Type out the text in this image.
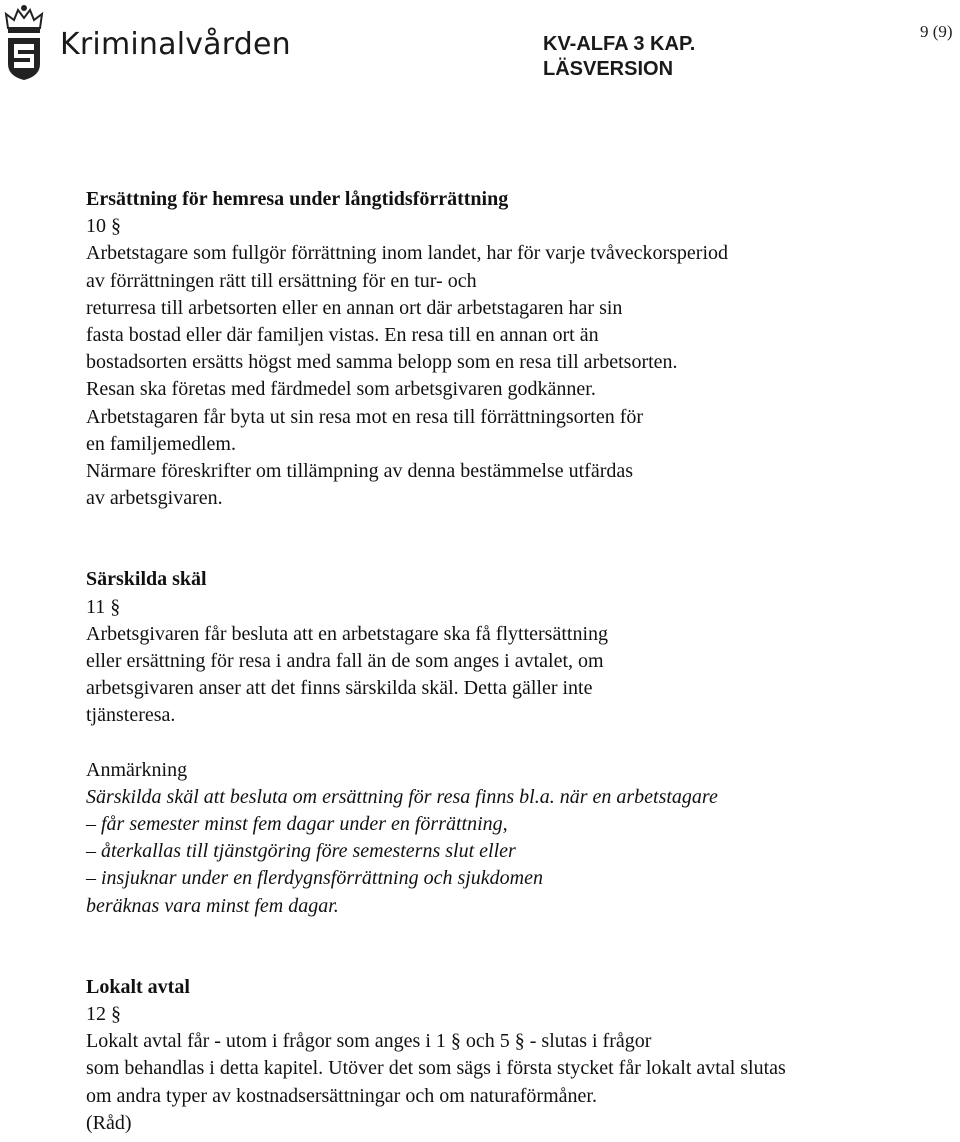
Kriminalvården	KV-ALFA 3 KAP.
LÄSVERSION
9 (9)

Ersättning för hemresa under långtidsförrättning

10 §

Arbetstagare som fullgör förrättning inom landet, har för varje tvåveckorsperiod

av förrättningen rätt till ersättning för en tur- och

returresa till arbetsorten eller en annan ort där arbetstagaren har sin

fasta bostad eller där familjen vistas. En resa till en annan ort än

bostadsorten ersätts högst med samma belopp som en resa till arbetsorten.

Resan ska företas med färdmedel som arbetsgivaren godkänner.

Arbetstagaren får byta ut sin resa mot en resa till förrättningsorten för

en familjemedlem.

Närmare föreskrifter om tillämpning av denna bestämmelse utfärdas

av arbetsgivaren.

Särskilda skäl

11 §

Arbetsgivaren får besluta att en arbetstagare ska få flyttersättning

eller ersättning för resa i andra fall än de som anges i avtalet, om

arbetsgivaren anser att det finns särskilda skäl. Detta gäller inte

tjänsteresa.

Anmärkning

Särskilda skäl att besluta om ersättning för resa finns bl.a. när en arbetstagare

– får semester minst fem dagar under en förrättning,

– återkallas till tjänstgöring före semesterns slut eller

– insjuknar under en flerdygnsförrättning och sjukdomen

beräknas vara minst fem dagar.

Lokalt avtal

12 §

Lokalt avtal får - utom i frågor som anges i 1 § och 5 § - slutas i frågor

som behandlas i detta kapitel. Utöver det som sägs i första stycket får lokalt avtal slutas

om andra typer av kostnadsersättningar och om naturaförmåner.

(Råd)
